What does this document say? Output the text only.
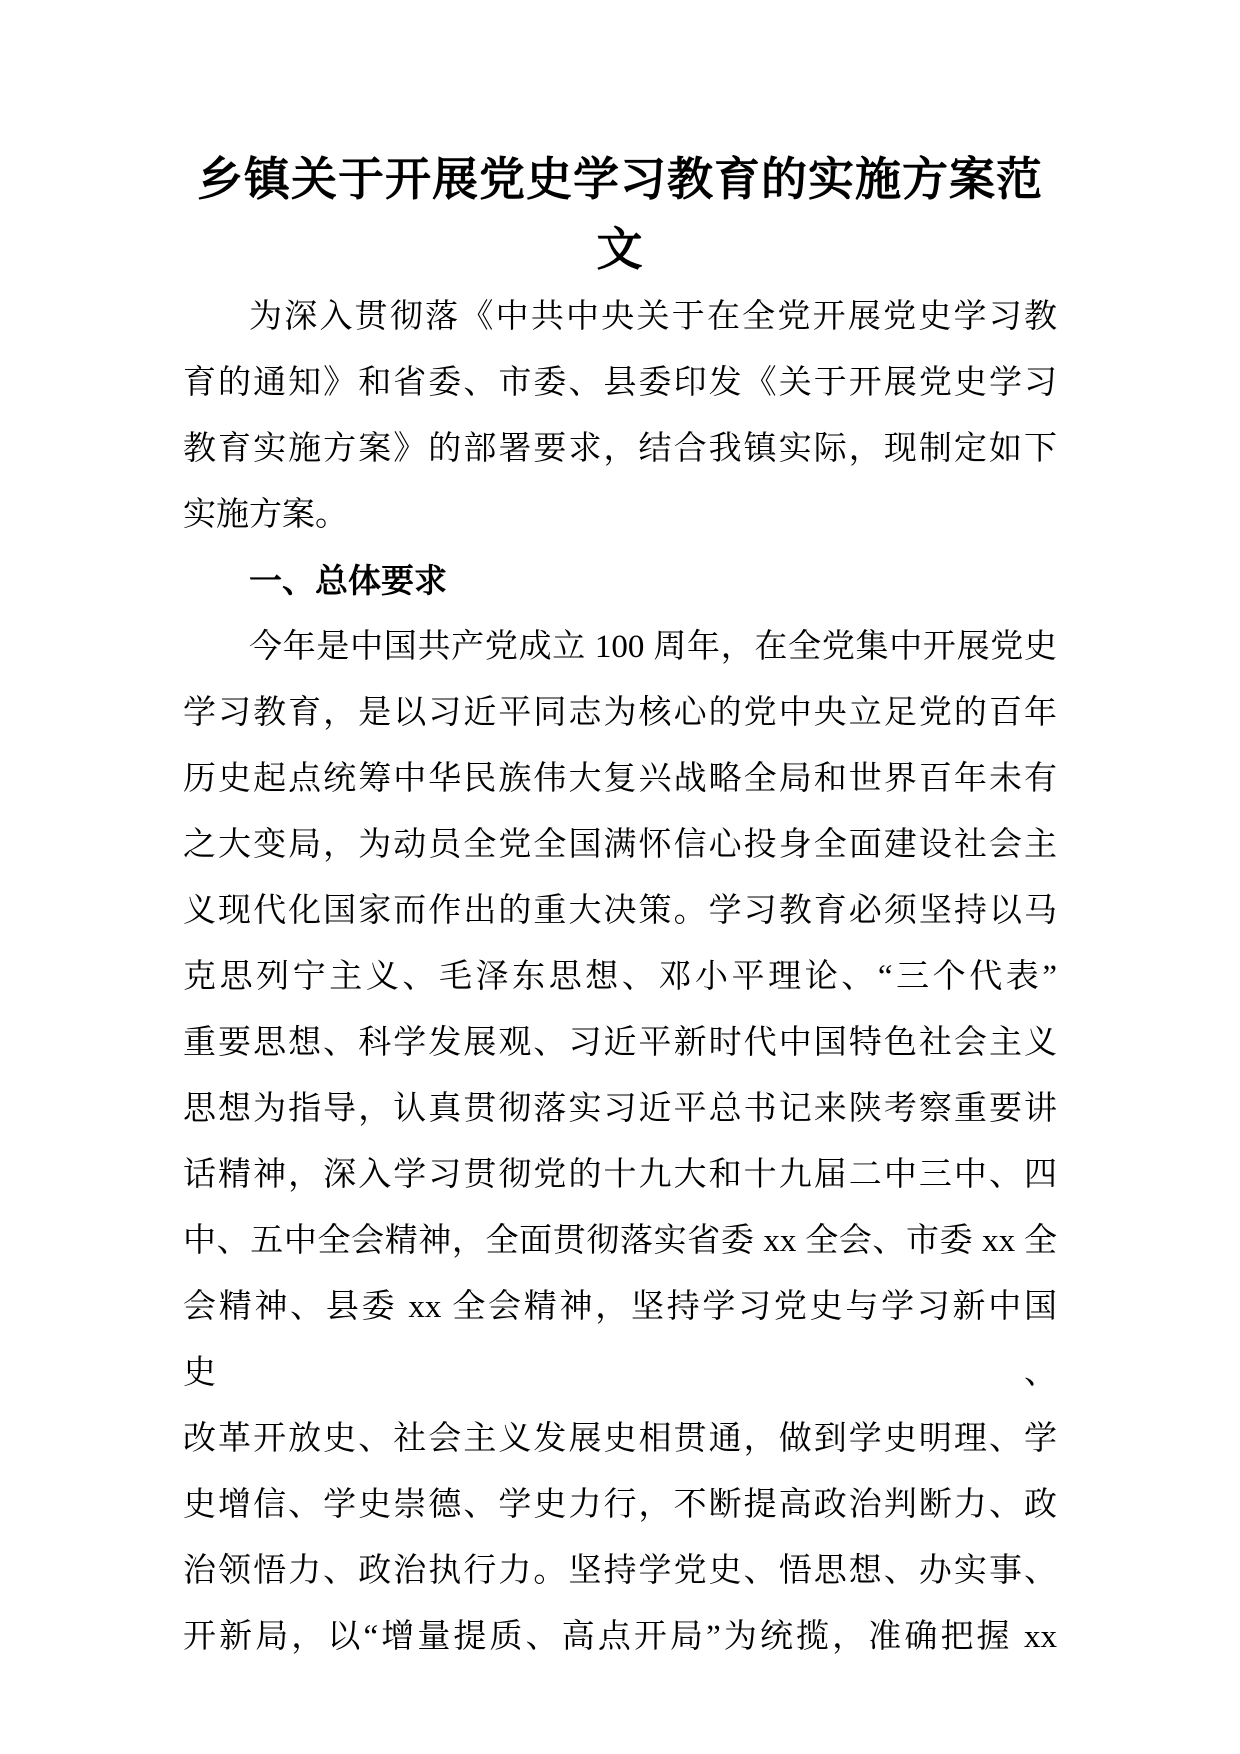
乡镇关于开展党史学习教育的实施方案范
文
为深入贯彻落《中共中央关于在全党开展党史学习教
育的通知》和省委、市委、县委印发《关于开展党史学习
教育实施方案》的部署要求，结合我镇实际，现制定如下
实施方案。
一、总体要求
今年是中国共产党成立 100 周年，在全党集中开展党史
学习教育，是以习近平同志为核心的党中央立足党的百年
历史起点统筹中华民族伟大复兴战略全局和世界百年未有
之大变局，为动员全党全国满怀信心投身全面建设社会主
义现代化国家而作出的重大决策。学习教育必须坚持以马
克思列宁主义、毛泽东思想、邓小平理论、“三个代表”
重要思想、科学发展观、习近平新时代中国特色社会主义
思想为指导，认真贯彻落实习近平总书记来陕考察重要讲
话精神，深入学习贯彻党的十九大和十九届二中三中、四
中、五中全会精神，全面贯彻落实省委 xx 全会、市委 xx 全
会精神、县委 xx 全会精神，坚持学习党史与学习新中国史、
改革开放史、社会主义发展史相贯通，做到学史明理、学
史增信、学史崇德、学史力行，不断提高政治判断力、政
治领悟力、政治执行力。坚持学党史、悟思想、办实事、
开新局，以“增量提质、高点开局”为统揽，准确把握 xx
